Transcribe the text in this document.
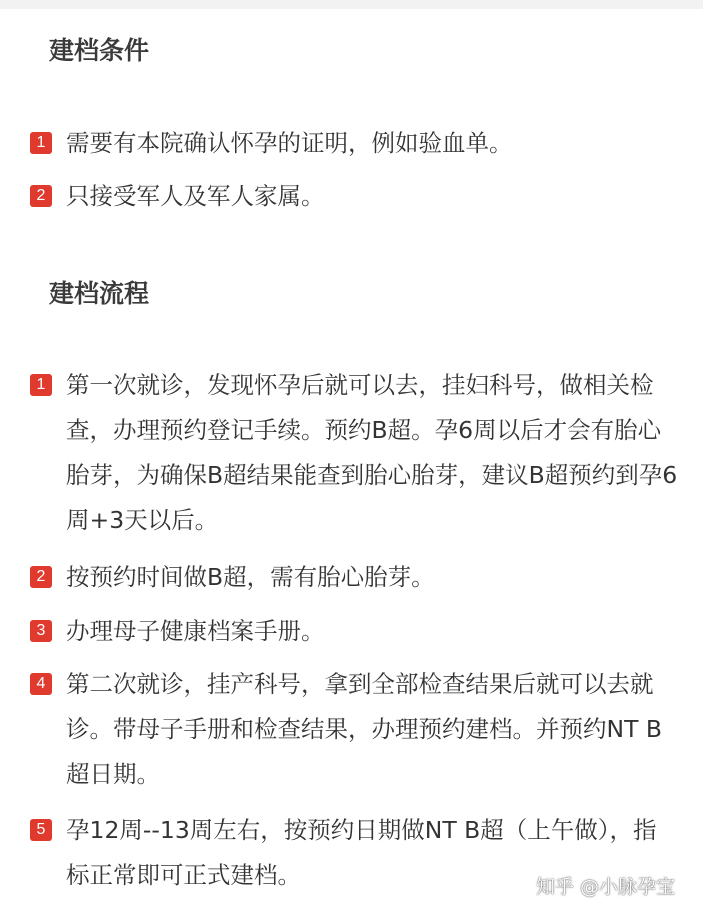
建档条件
1 需要有本院确认怀孕的证明，例如验血单。
2 只接受军人及军人家属。
建档流程
1 第一次就诊，发现怀孕后就可以去，挂妇科号，做相关检查，办理预约登记手续。预约B超。孕6周以后才会有胎心胎芽，为确保B超结果能查到胎心胎芽，建议B超预约到孕6周+3天以后。
2 按预约时间做B超，需有胎心胎芽。
3 办理母子健康档案手册。
4 第二次就诊，挂产科号，拿到全部检查结果后就可以去就诊。带母子手册和检查结果，办理预约建档。并预约NT B超日期。
5 孕12周--13周左右，按预约日期做NT B超（上午做），指标正常即可正式建档。	知乎 @小脉孕宝
